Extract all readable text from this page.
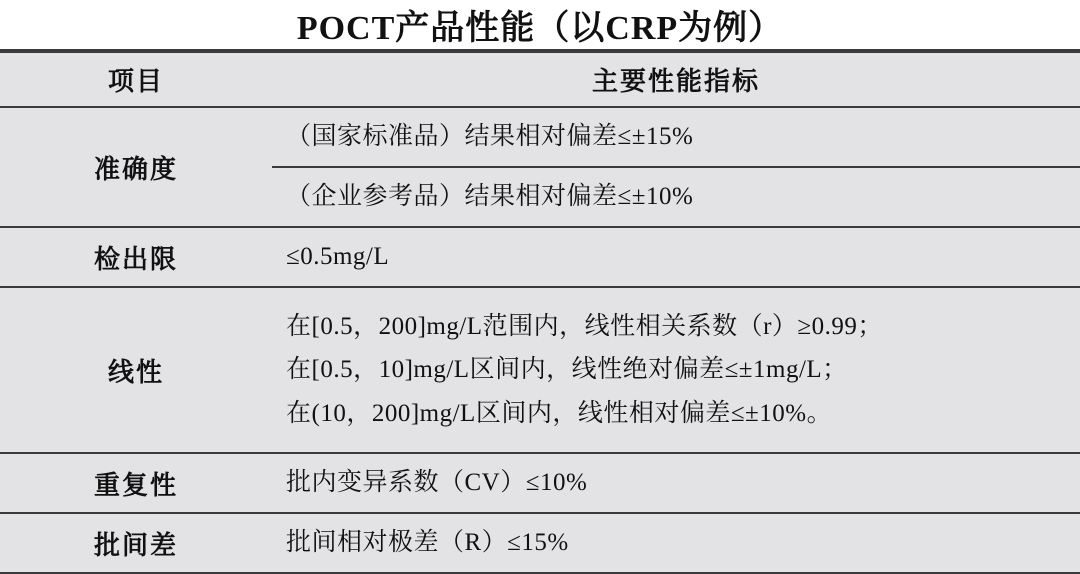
POCT产品性能（以CRP为例）
项目	主要性能指标
准确度	（国家标准品）结果相对偏差≤±15%
	（企业参考品）结果相对偏差≤±10%
检出限	≤0.5mg/L
线性	在[0.5，200]mg/L范围内，线性相关系数（r）≥0.99；
在[0.5，10]mg/L区间内，线性绝对偏差≤±1mg/L；
在(10，200]mg/L区间内，线性相对偏差≤±10%。

重复性	批内变异系数（CV）≤10%
批间差	批间相对极差（R）≤15%
